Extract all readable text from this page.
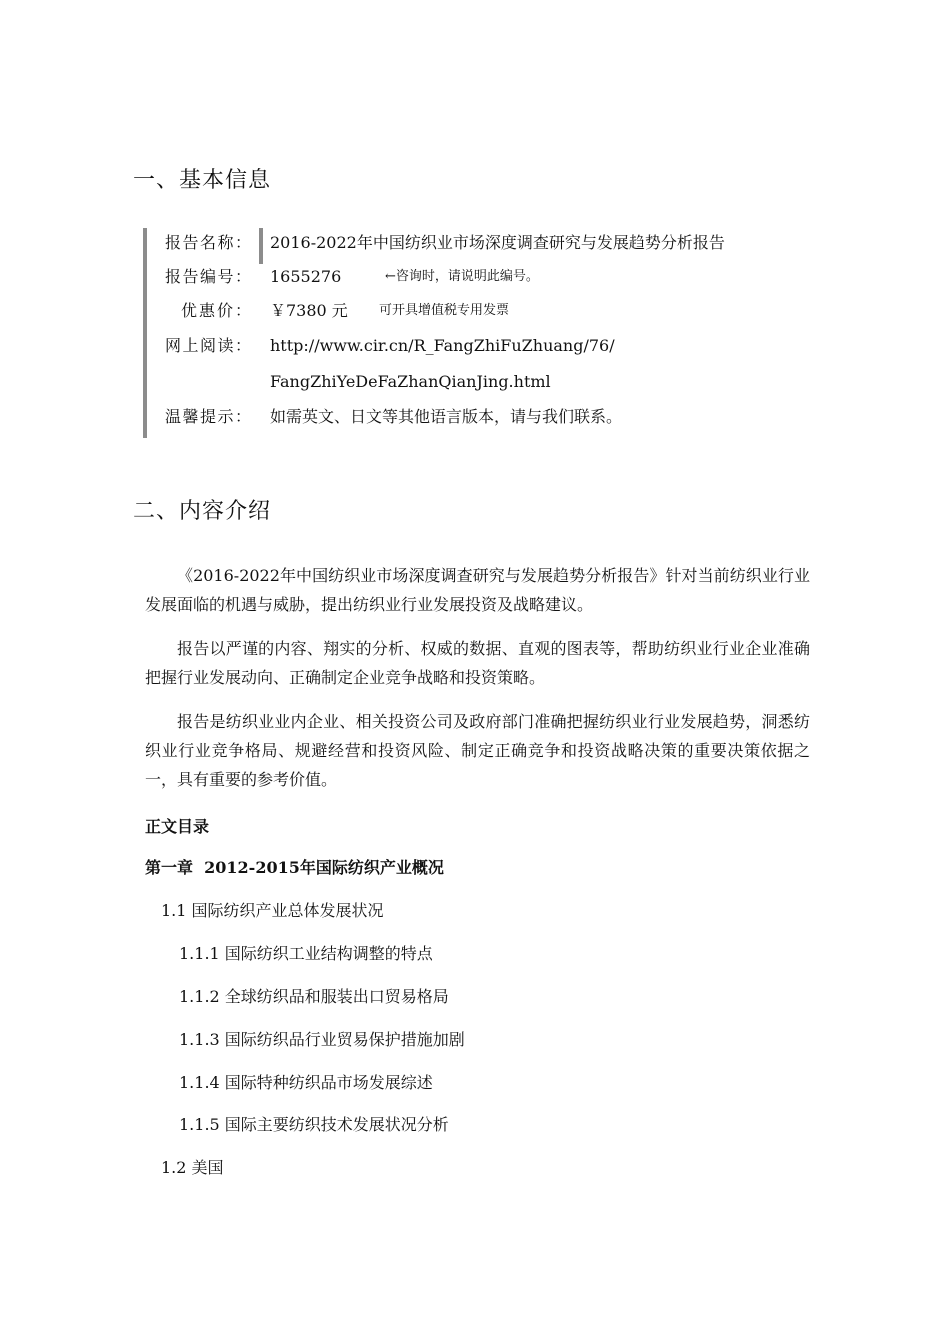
一、基本信息
报告名称： 2016-2022年中国纺织业市场深度调查研究与发展趋势分析报告
报告编号： 1655276	←咨询时，请说明此编号。
优惠价： ￥7380 元 可开具增值税专用发票
网上阅读： http://www.cir.cn/R_FangZhiFuZhuang/76/
FangZhiYeDeFaZhanQianJing.html
温馨提示： 如需英文、日文等其他语言版本，请与我们联系。
二、内容介绍

《2016-2022年中国纺织业市场深度调查研究与发展趋势分析报告》针对当前纺织业行业发展面临的机遇与威胁，提出纺织业行业发展投资及战略建议。

报告以严谨的内容、翔实的分析、权威的数据、直观的图表等，帮助纺织业行业企业准确把握行业发展动向、正确制定企业竞争战略和投资策略。

报告是纺织业业内企业、相关投资公司及政府部门准确把握纺织业行业发展趋势，洞悉纺织业行业竞争格局、规避经营和投资风险、制定正确竞争和投资战略决策的重要决策依据之一，具有重要的参考价值。

正文目录
第一章  2012-2015年国际纺织产业概况
1.1 国际纺织产业总体发展状况
1.1.1 国际纺织工业结构调整的特点
1.1.2 全球纺织品和服装出口贸易格局
1.1.3 国际纺织品行业贸易保护措施加剧
1.1.4 国际特种纺织品市场发展综述
1.1.5 国际主要纺织技术发展状况分析
1.2 美国
